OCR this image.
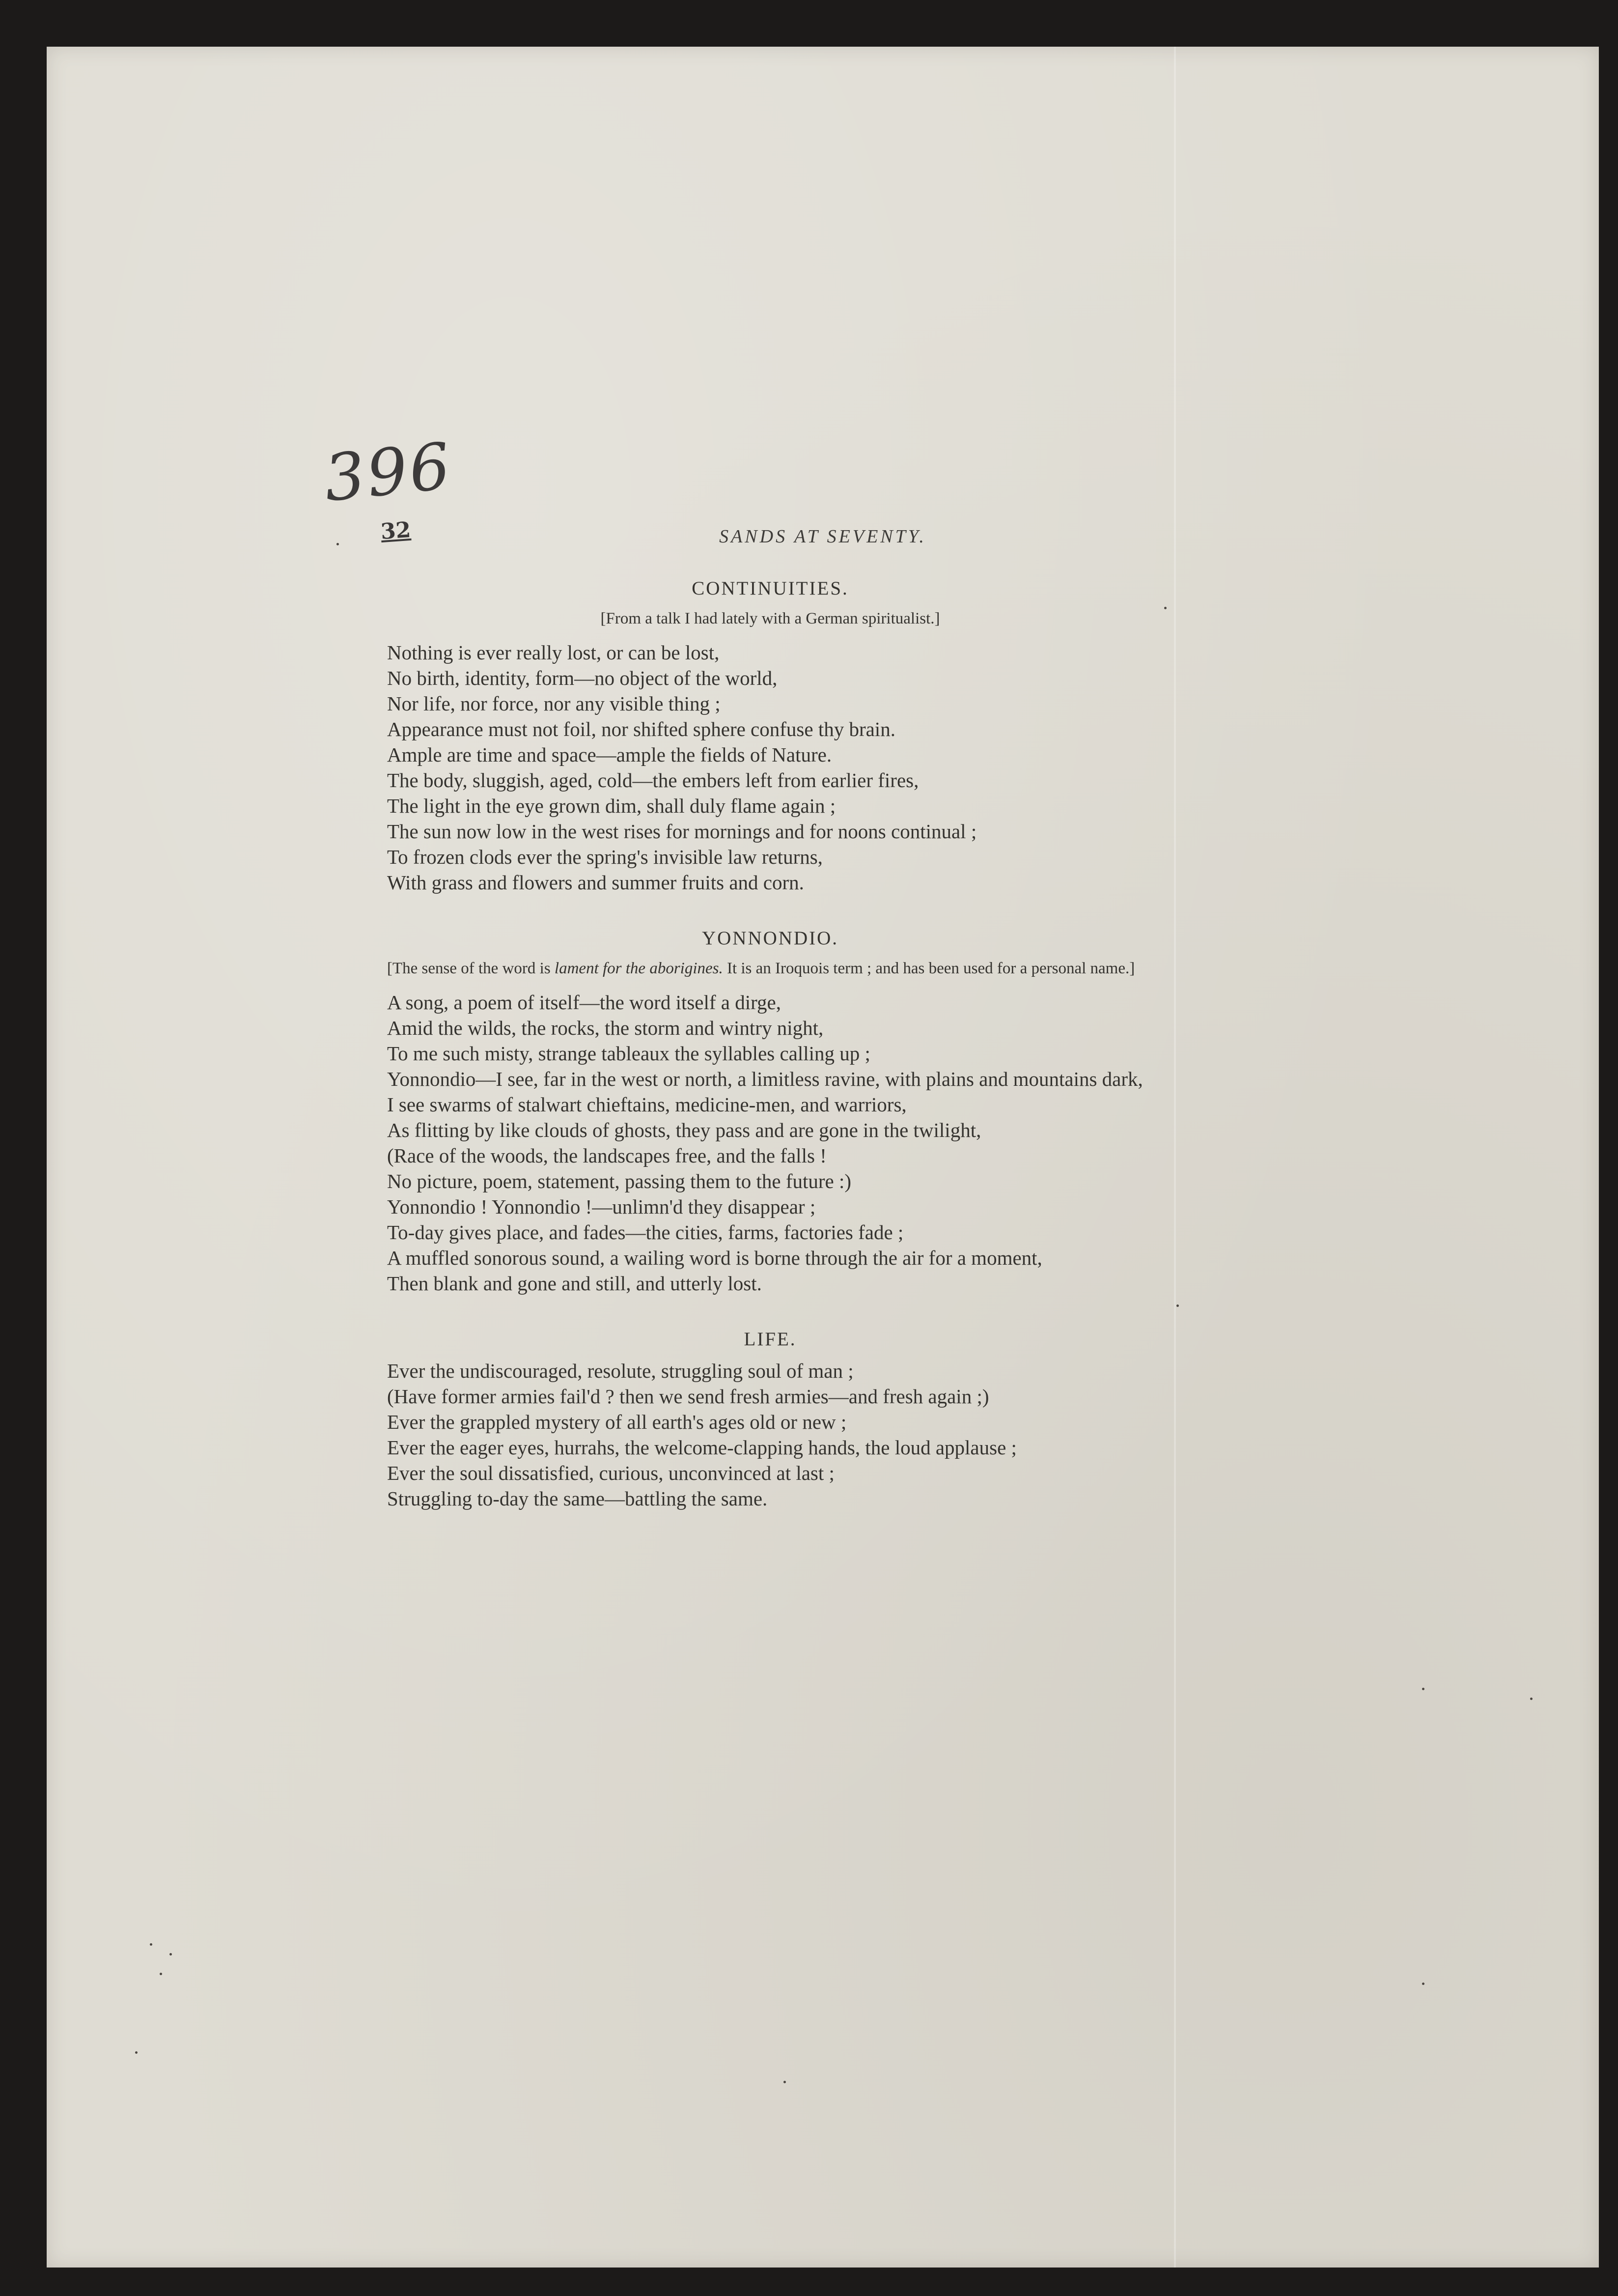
396
32	SANDS AT SEVENTY.
CONTINUITIES.
[From a talk I had lately with a German spiritualist.]

Nothing is ever really lost, or can be lost,

No birth, identity, form—no object of the world,

Nor life, nor force, nor any visible thing ;

Appearance must not foil, nor shifted sphere confuse thy brain.

Ample are time and space—ample the fields of Nature.

The body, sluggish, aged, cold—the embers left from earlier fires,

The light in the eye grown dim, shall duly flame again ;

The sun now low in the west rises for mornings and for noons continual ;

To frozen clods ever the spring's invisible law returns,

With grass and flowers and summer fruits and corn.

YONNONDIO.
[The sense of the word is lament for the aborigines. It is an Iroquois term ; and has been used for a personal name.]

A song, a poem of itself—the word itself a dirge,

Amid the wilds, the rocks, the storm and wintry night,

To me such misty, strange tableaux the syllables calling up ;

Yonnondio—I see, far in the west or north, a limitless ravine, with plains and mountains dark,

I see swarms of stalwart chieftains, medicine-men, and warriors,

As flitting by like clouds of ghosts, they pass and are gone in the twilight,

(Race of the woods, the landscapes free, and the falls !

No picture, poem, statement, passing them to the future :)

Yonnondio ! Yonnondio !—unlimn'd they disappear ;

To-day gives place, and fades—the cities, farms, factories fade ;

A muffled sonorous sound, a wailing word is borne through the air for a moment,

Then blank and gone and still, and utterly lost.

LIFE.

Ever the undiscouraged, resolute, struggling soul of man ;

(Have former armies fail'd ? then we send fresh armies—and fresh again ;)

Ever the grappled mystery of all earth's ages old or new ;

Ever the eager eyes, hurrahs, the welcome-clapping hands, the loud applause ;

Ever the soul dissatisfied, curious, unconvinced at last ;

Struggling to-day the same—battling the same.
